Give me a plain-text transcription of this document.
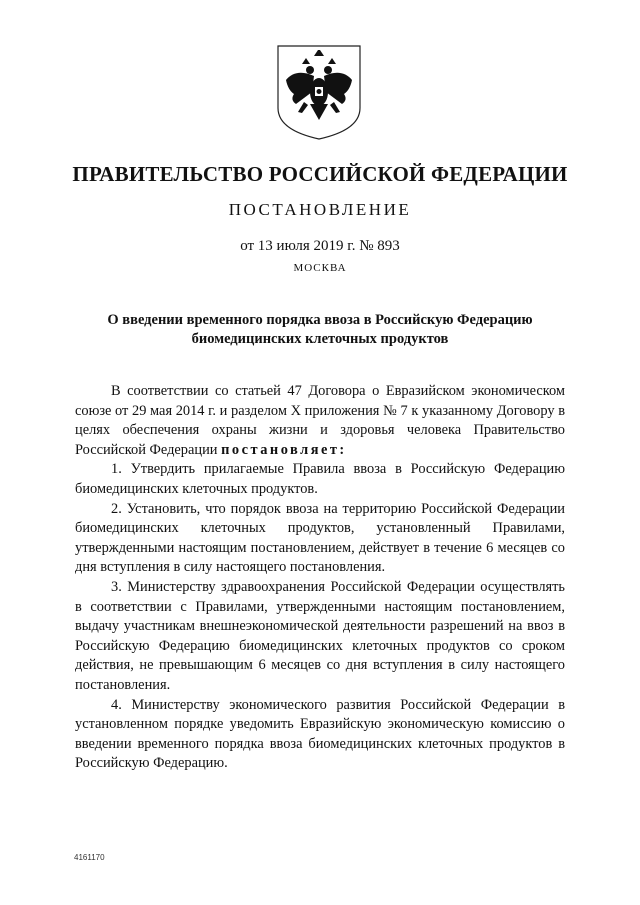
ПРАВИТЕЛЬСТВО РОССИЙСКОЙ ФЕДЕРАЦИИ
ПОСТАНОВЛЕНИЕ
от 13 июля 2019 г. № 893
МОСКВА
О введении временного порядка ввоза в Российскую Федерацию
биомедицинских клеточных продуктов

В соответствии со статьей 47 Договора о Евразийском экономическом союзе от 29 мая 2014 г. и разделом X приложения № 7 к указанному Договору в целях обеспечения охраны жизни и здоровья человека Правительство Российской Федерации постановляет:

1. Утвердить прилагаемые Правила ввоза в Российскую Федерацию биомедицинских клеточных продуктов.

2. Установить, что порядок ввоза на территорию Российской Федерации биомедицинских клеточных продуктов, установленный Правилами, утвержденными настоящим постановлением, действует в течение 6 месяцев со дня вступления в силу настоящего постановления.

3. Министерству здравоохранения Российской Федерации осуществлять в соответствии с Правилами, утвержденными настоящим постановлением, выдачу участникам внешнеэкономической деятельности разрешений на ввоз в Российскую Федерацию биомедицинских клеточных продуктов со сроком действия, не превышающим 6 месяцев со дня вступления в силу настоящего постановления.

4. Министерству экономического развития Российской Федерации в установленном порядке уведомить Евразийскую экономическую комиссию о введении временного порядка ввоза биомедицинских клеточных продуктов в Российскую Федерацию.

4161170
